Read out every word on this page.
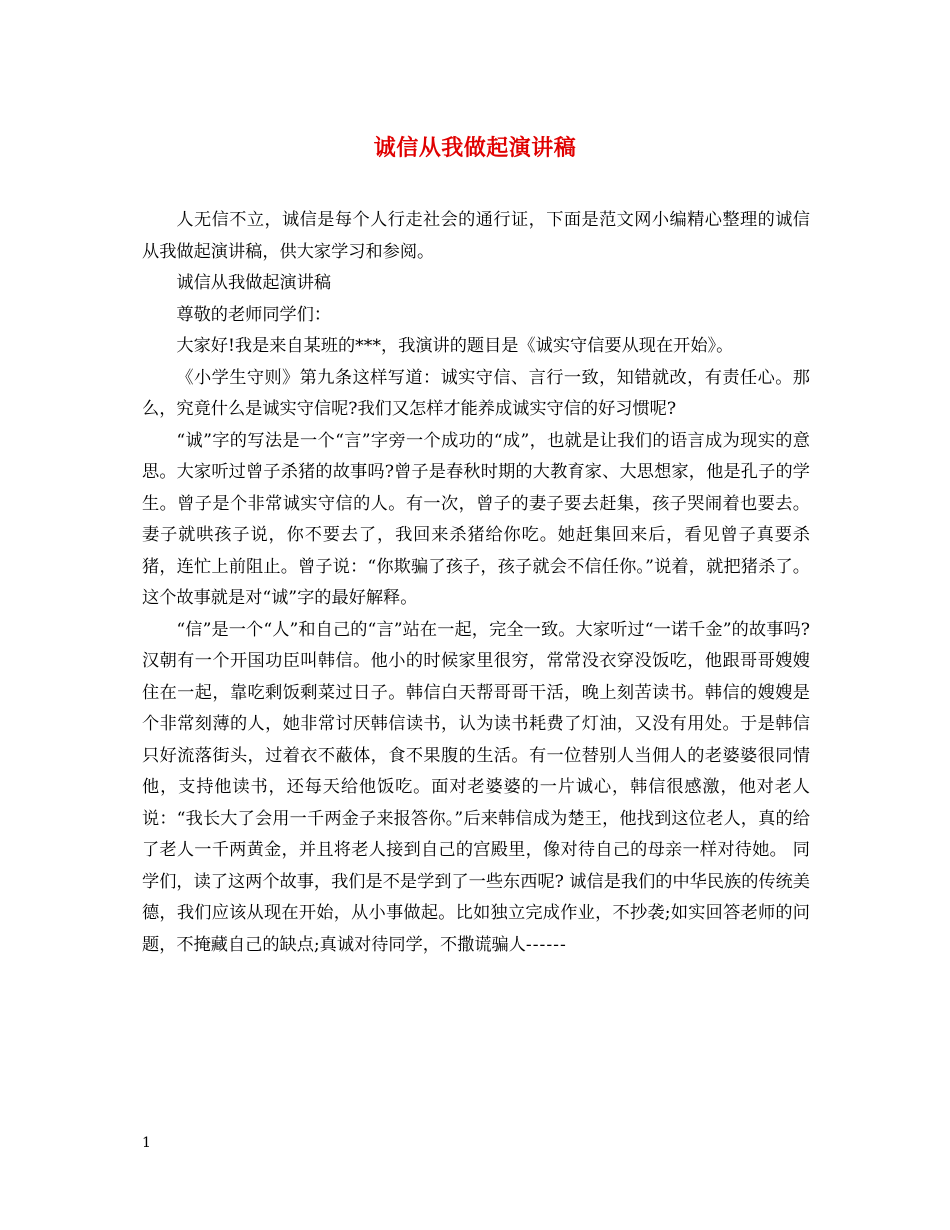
诚信从我做起演讲稿

人无信不立，诚信是每个人行走社会的通行证，下面是范文网小编精心整理的诚信从我做起演讲稿，供大家学习和参阅。

诚信从我做起演讲稿

尊敬的老师同学们：

大家好!我是来自某班的***，我演讲的题目是《诚实守信要从现在开始》。

《小学生守则》第九条这样写道：诚实守信、言行一致，知错就改，有责任心。那么，究竟什么是诚实守信呢?我们又怎样才能养成诚实守信的好习惯呢?

“诚”字的写法是一个“言”字旁一个成功的“成”，也就是让我们的语言成为现实的意思。大家听过曾子杀猪的故事吗?曾子是春秋时期的大教育家、大思想家，他是孔子的学生。曾子是个非常诚实守信的人。有一次，曾子的妻子要去赶集，孩子哭闹着也要去。妻子就哄孩子说，你不要去了，我回来杀猪给你吃。她赶集回来后，看见曾子真要杀猪，连忙上前阻止。曾子说：“你欺骗了孩子，孩子就会不信任你。”说着，就把猪杀了。这个故事就是对“诚”字的最好解释。

“信”是一个“人”和自己的“言”站在一起，完全一致。大家听过“一诺千金”的故事吗?汉朝有一个开国功臣叫韩信。他小的时候家里很穷，常常没衣穿没饭吃，他跟哥哥嫂嫂住在一起，靠吃剩饭剩菜过日子。韩信白天帮哥哥干活，晚上刻苦读书。韩信的嫂嫂是个非常刻薄的人，她非常讨厌韩信读书，认为读书耗费了灯油，又没有用处。于是韩信只好流落街头，过着衣不蔽体，食不果腹的生活。有一位替别人当佣人的老婆婆很同情他，支持他读书，还每天给他饭吃。面对老婆婆的一片诚心，韩信很感激，他对老人说：“我长大了会用一千两金子来报答你。”后来韩信成为楚王，他找到这位老人，真的给了老人一千两黄金，并且将老人接到自己的宫殿里，像对待自己的母亲一样对待她。 同学们，读了这两个故事，我们是不是学到了一些东西呢? 诚信是我们的中华民族的传统美德，我们应该从现在开始，从小事做起。比如独立完成作业，不抄袭;如实回答老师的问题，不掩藏自己的缺点;真诚对待同学，不撒谎骗人------

1
